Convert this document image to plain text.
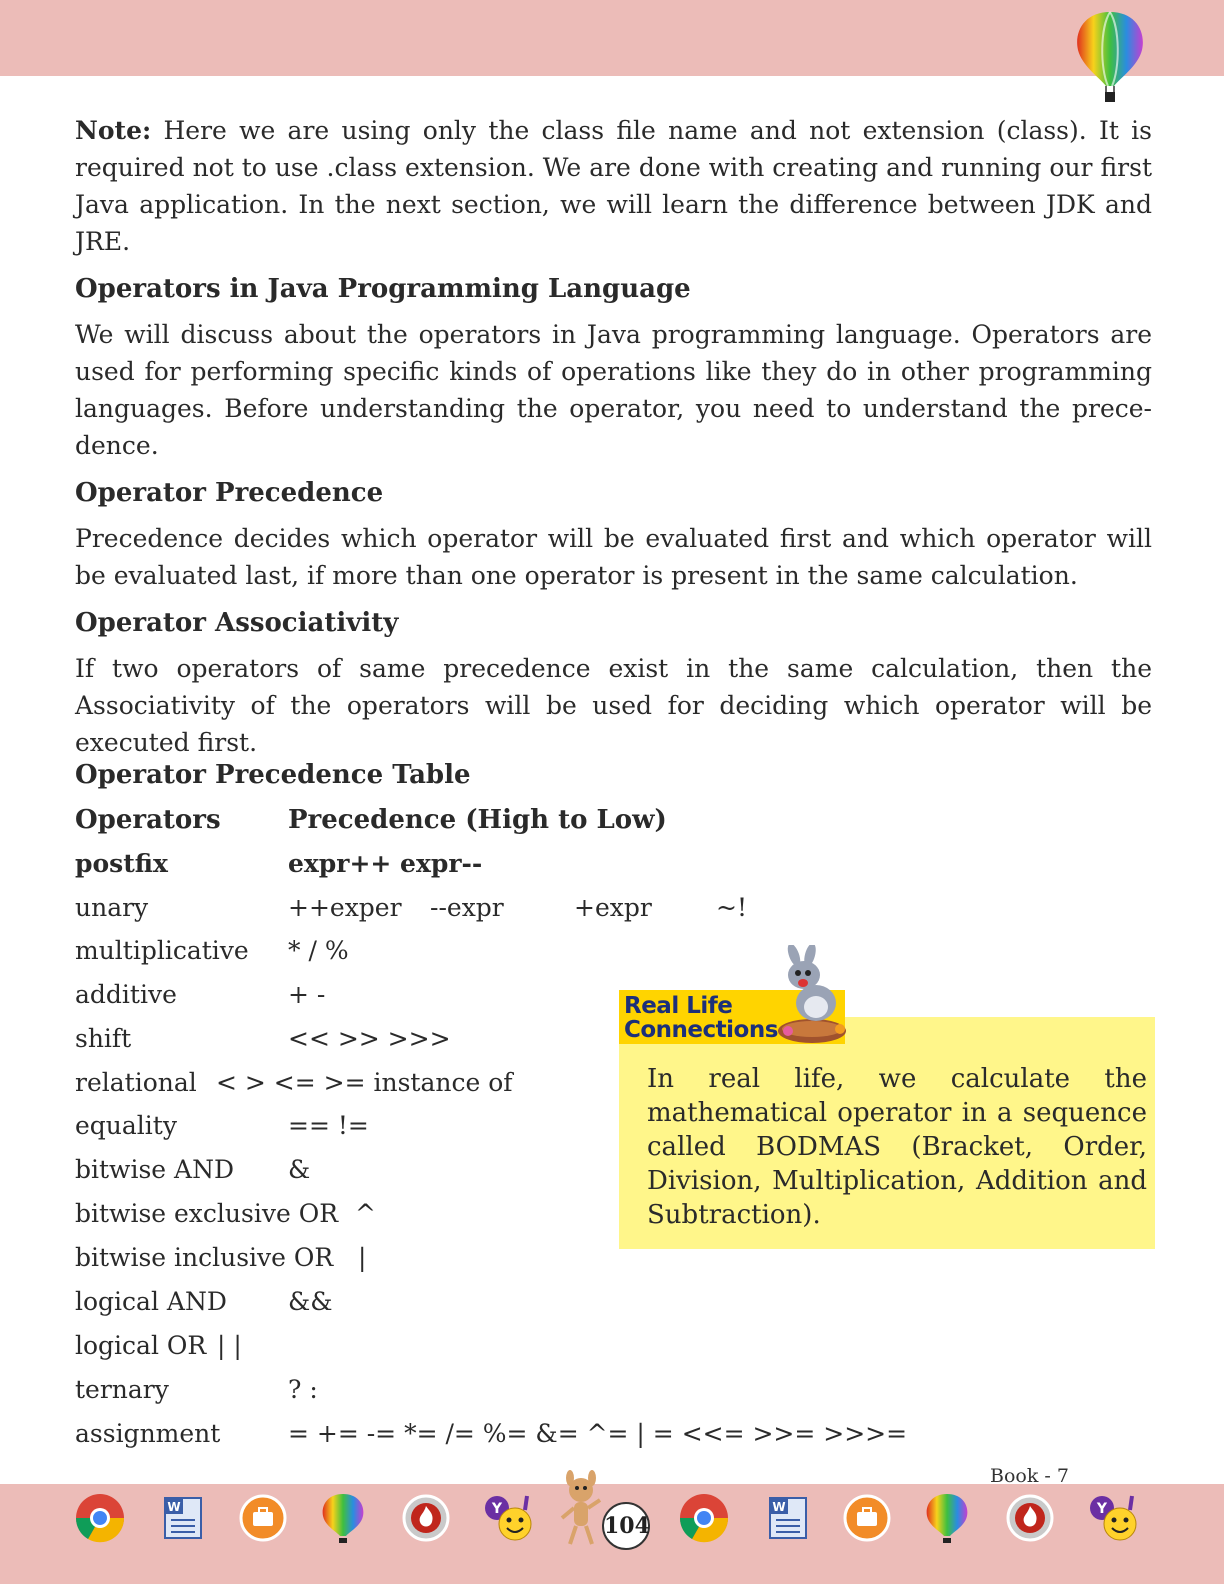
Note: Here we are using only the class file name and not extension (class). It is required not to use .class extension. We are done with creating and running our first Java application. In the next section, we will learn the difference between JDK and JRE.

Operators in Java Programming Language

We will discuss about the operators in Java programming language. Operators are used for performing specific kinds of operations like they do in other programming languages. Before understanding the operator, you need to understand the prece-dence.

Operator Precedence

Precedence decides which operator will be evaluated first and which operator will be evaluated last, if more than one operator is present in the same calculation.

Operator Associativity

If two operators of same precedence exist in the same calculation, then the Associativity of the operators will be used for deciding which operator will be executed first.

Operator Precedence Table
Operators	Precedence (High to Low)
postfix	expr++ expr--
unary	++exper --expr	+expr	~!
multiplicative * / %
additive	+ -
shift	<< >> >>>
relational < > <= >= instance of
equality	== !=
bitwise AND &
bitwise exclusive OR ^
bitwise inclusive OR |
logical AND &&
logical OR | |
ternary	? :
assignment	= += -= *= /= %= &= ^= | = <<= >>= >>>=
Real Life
Connections
In real life, we calculate the mathematical operator in a sequence called BODMAS (Bracket, Order, Division, Multiplication, Addition and Subtraction).
Book - 7
W	Y
104
W	Y
